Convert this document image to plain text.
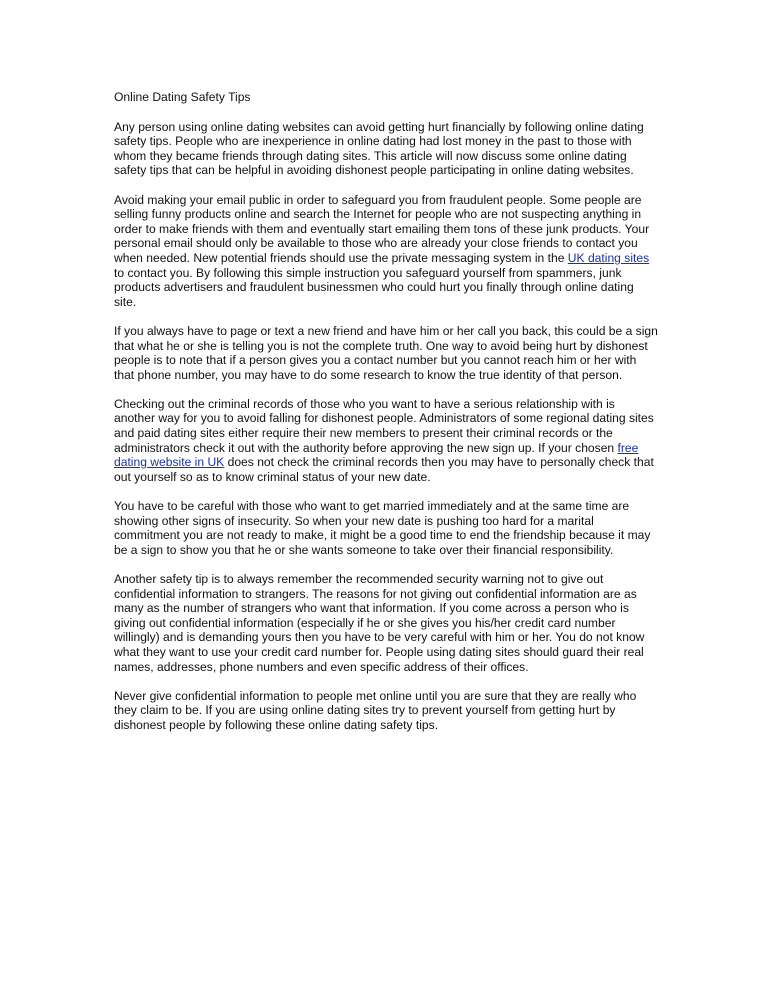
Online Dating Safety Tips

Any person using online dating websites can avoid getting hurt financially by following online dating safety tips. People who are inexperience in online dating had lost money in the past to those with whom they became friends through dating sites. This article will now discuss some online dating safety tips that can be helpful in avoiding dishonest people participating in online dating websites.

Avoid making your email public in order to safeguard you from fraudulent people. Some people are selling funny products online and search the Internet for people who are not suspecting anything in order to make friends with them and eventually start emailing them tons of these junk products. Your personal email should only be available to those who are already your close friends to contact you when needed. New potential friends should use the private messaging system in the UK dating sites to contact you. By following this simple instruction you safeguard yourself from spammers, junk products advertisers and fraudulent businessmen who could hurt you finally through online dating site.

If you always have to page or text a new friend and have him or her call you back, this could be a sign that what he or she is telling you is not the complete truth. One way to avoid being hurt by dishonest people is to note that if a person gives you a contact number but you cannot reach him or her with that phone number, you may have to do some research to know the true identity of that person.

Checking out the criminal records of those who you want to have a serious relationship with is another way for you to avoid falling for dishonest people. Administrators of some regional dating sites and paid dating sites either require their new members to present their criminal records or the administrators check it out with the authority before approving the new sign up. If your chosen free dating website in UK does not check the criminal records then you may have to personally check that out yourself so as to know criminal status of your new date.

You have to be careful with those who want to get married immediately and at the same time are showing other signs of insecurity. So when your new date is pushing too hard for a marital commitment you are not ready to make, it might be a good time to end the friendship because it may be a sign to show you that he or she wants someone to take over their financial responsibility.

Another safety tip is to always remember the recommended security warning not to give out confidential information to strangers. The reasons for not giving out confidential information are as many as the number of strangers who want that information. If you come across a person who is giving out confidential information (especially if he or she gives you his/her credit card number willingly) and is demanding yours then you have to be very careful with him or her. You do not know what they want to use your credit card number for. People using dating sites should guard their real names, addresses, phone numbers and even specific address of their offices.

Never give confidential information to people met online until you are sure that they are really who they claim to be. If you are using online dating sites try to prevent yourself from getting hurt by dishonest people by following these online dating safety tips.
